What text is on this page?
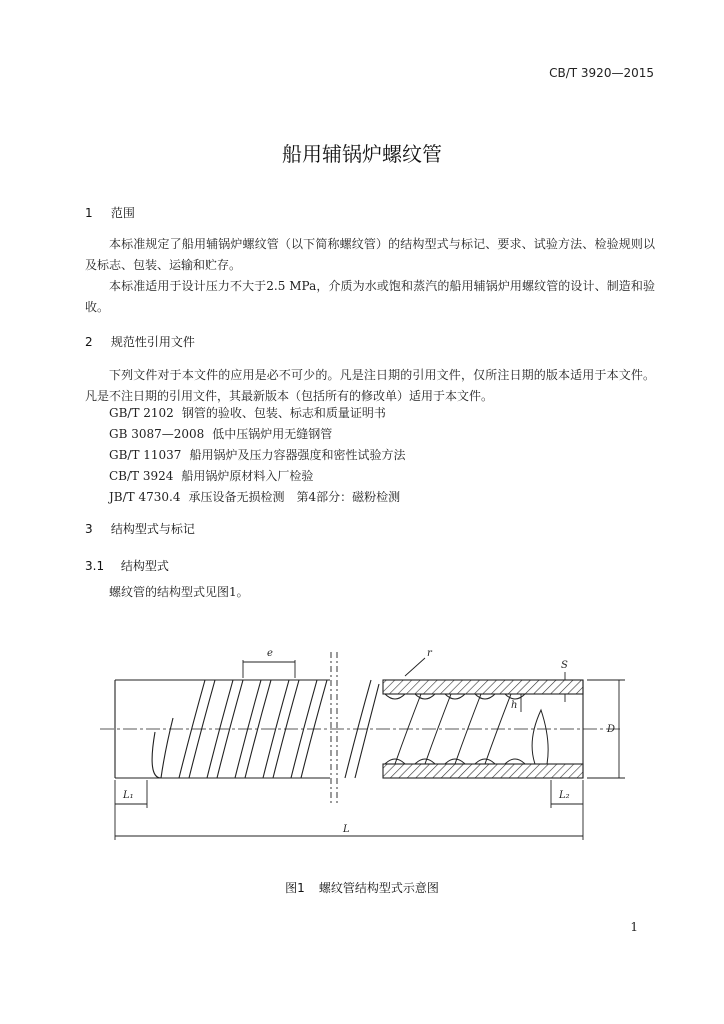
CB/T 3920—2015
船用辅锅炉螺纹管
1 范围
本标准规定了船用辅锅炉螺纹管（以下简称螺纹管）的结构型式与标记、要求、试验方法、检验规则以及标志、包装、运输和贮存。
本标准适用于设计压力不大于2.5 MPa，介质为水或饱和蒸汽的船用辅锅炉用螺纹管的设计、制造和验收。
2 规范性引用文件
下列文件对于本文件的应用是必不可少的。凡是注日期的引用文件，仅所注日期的版本适用于本文件。凡是不注日期的引用文件，其最新版本（包括所有的修改单）适用于本文件。
GB/T 2102 钢管的验收、包装、标志和质量证明书
GB 3087—2008 低中压锅炉用无缝钢管
GB/T 11037 船用锅炉及压力容器强度和密性试验方法
CB/T 3924 船用锅炉原材料入厂检验
JB/T 4730.4 承压设备无损检测　第4部分：磁粉检测
3 结构型式与标记
3.1 结构型式
螺纹管的结构型式见图1。
e	r
S
h
D
L₁	L₂
L
图1 螺纹管结构型式示意图
1
